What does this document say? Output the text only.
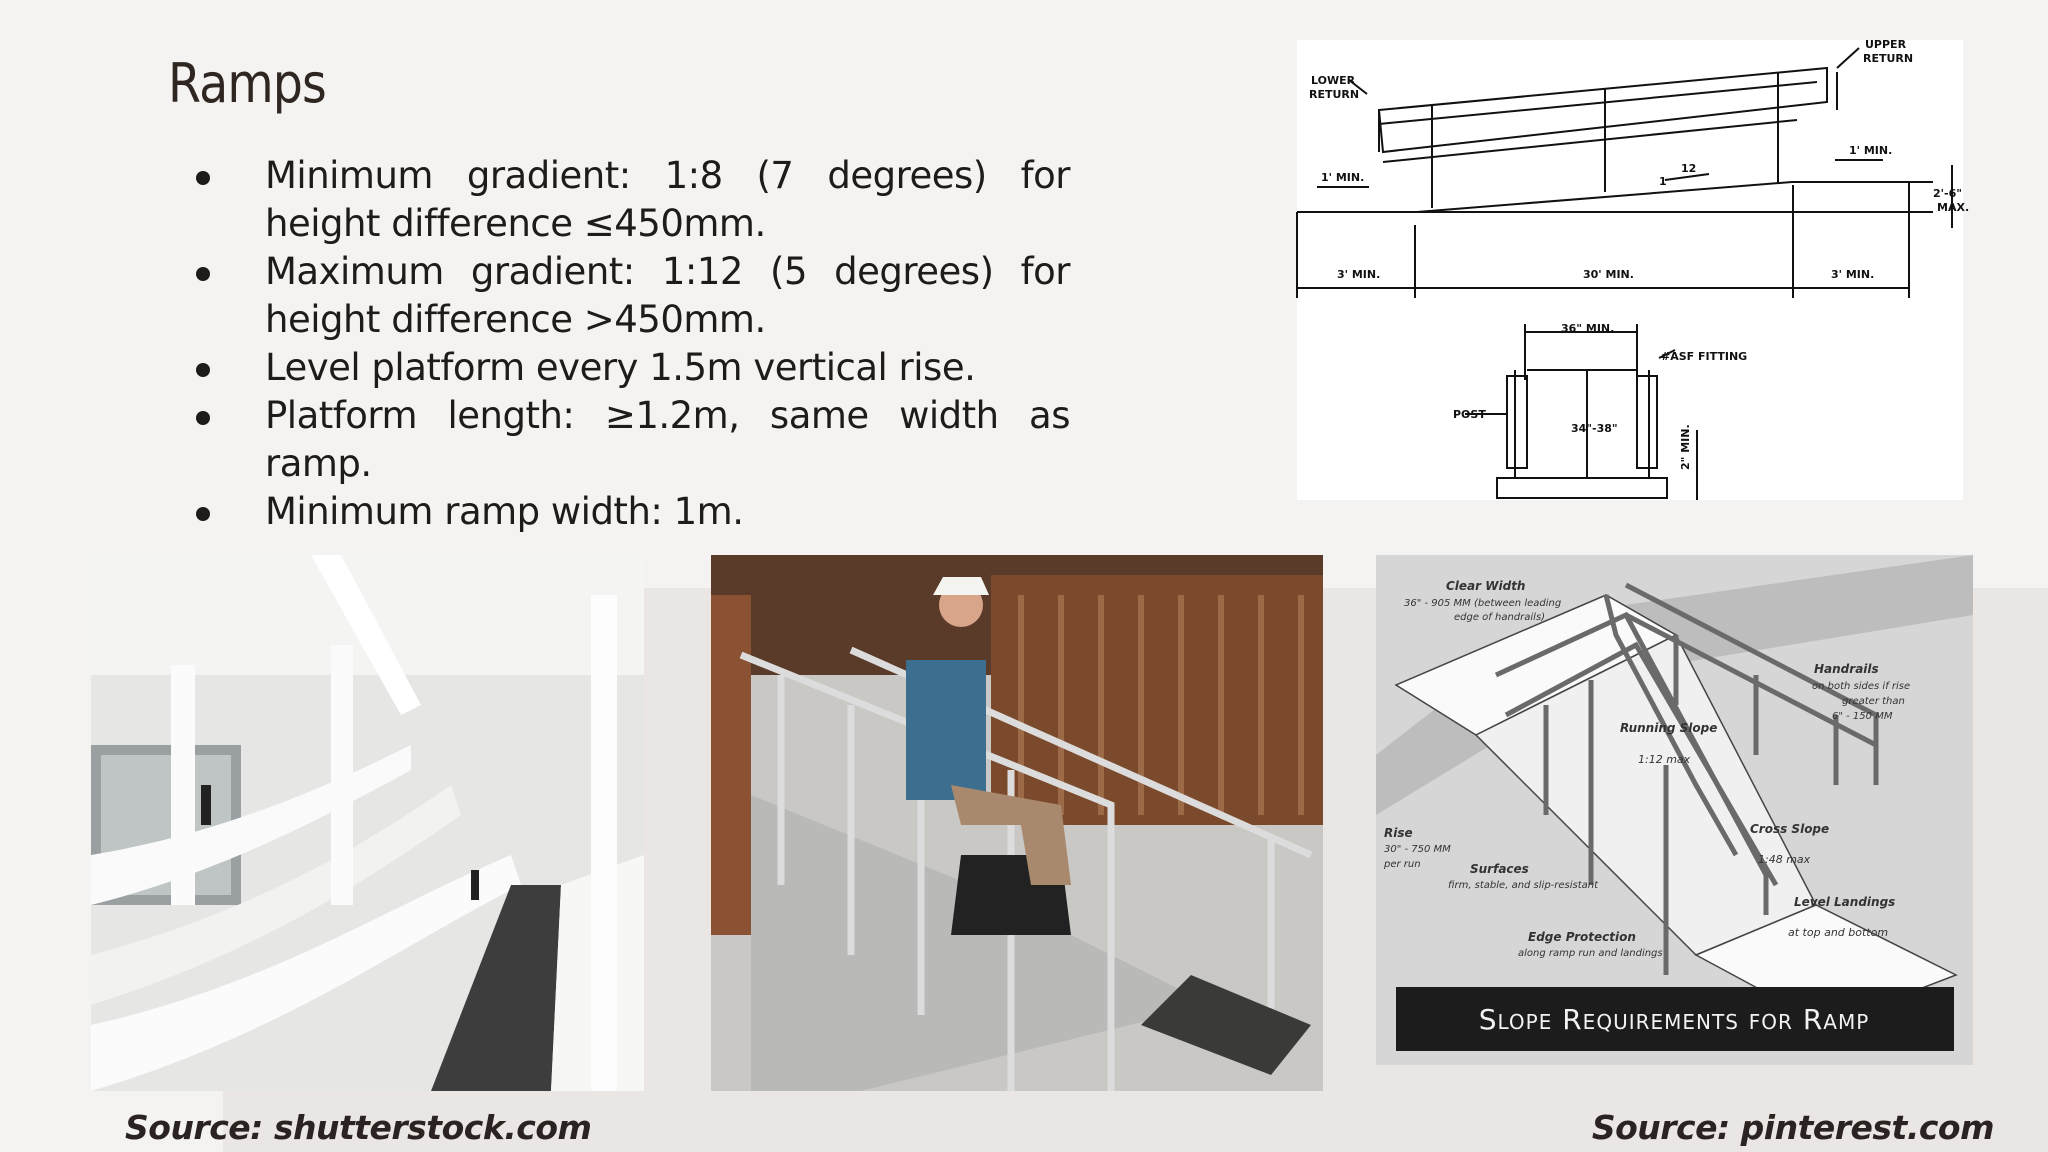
Ramps
Minimum gradient: 1:8 (7 degrees) for height difference ≤450mm.
Maximum gradient: 1:12 (5 degrees) for height difference >450mm.
Level platform every 1.5m vertical rise.
Platform length: ≥1.2m, same width as ramp.
Minimum ramp width: 1m.
LOWER
RETURN
UPPER
RETURN
1' MIN.
1' MIN.
1
12
2'-6"
MAX.
3' MIN.	30' MIN.	3' MIN.
36" MIN.
#ASF FITTING
POST
34"-38"	2" MIN.
Clear Width
36" - 905 MM (between leading
edge of handrails)
Handrails
on both sides if rise
greater than
6" - 150 MM
Running Slope
1:12 max
Cross Slope
1:48 max
Rise
30" - 750 MM
per run	Surfaces
firm, stable, and slip-resistant
Level Landings
at top and bottom
Edge Protection
along ramp run and landings
Slope Requirements for Ramp
Source: shutterstock.com	Source: pinterest.com
